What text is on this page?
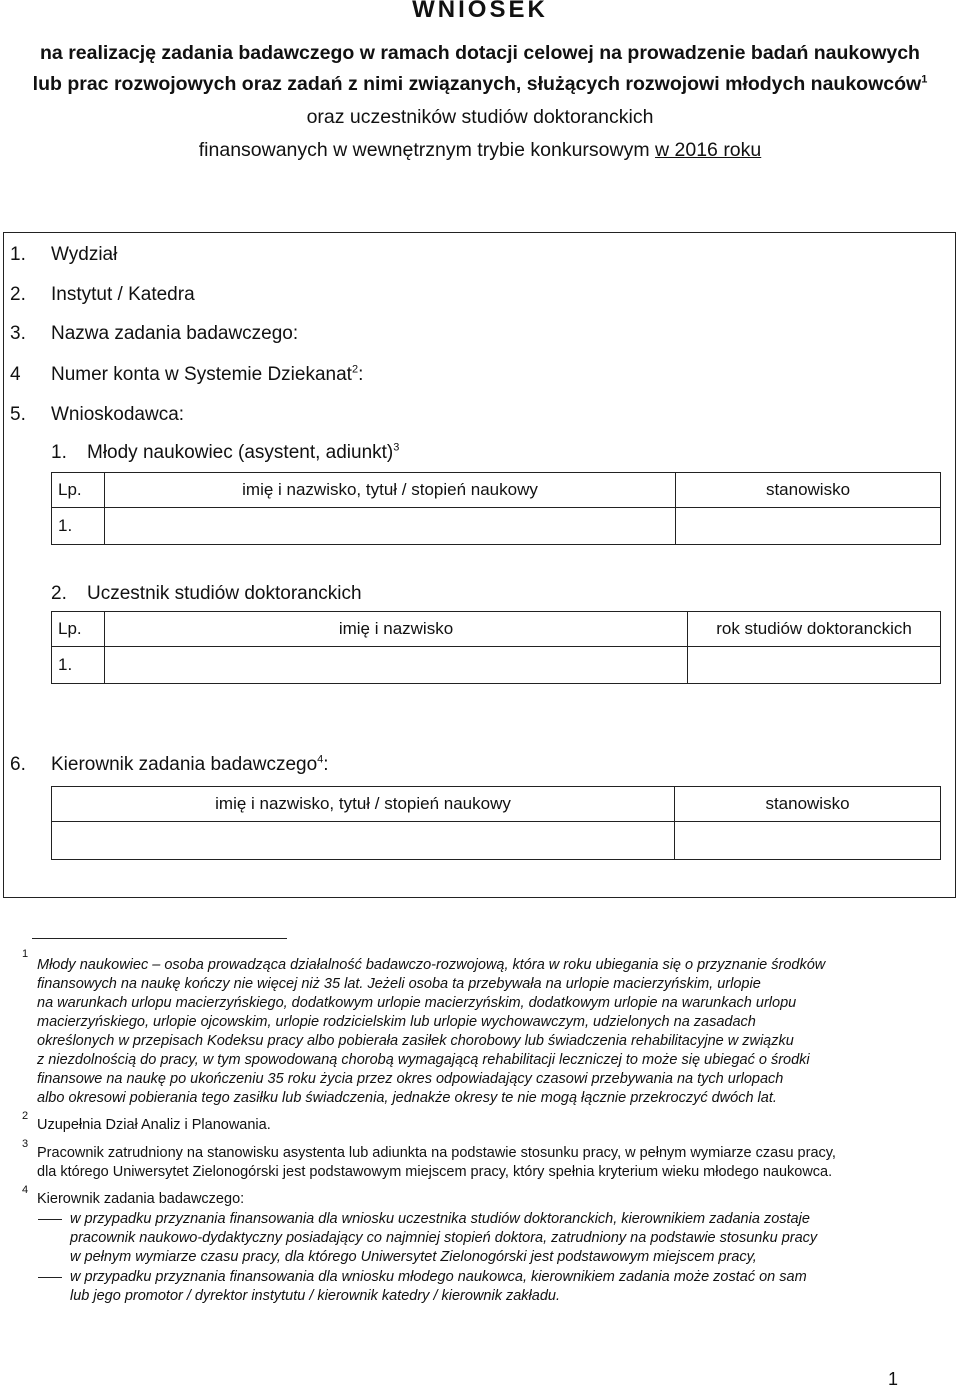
WNIOSEK
na realizację zadania badawczego w ramach dotacji celowej na prowadzenie badań naukowych
lub prac rozwojowych oraz zadań z nimi związanych, służących rozwojowi młodych naukowców$^1$
oraz uczestników studiów doktoranckich
finansowanych w wewnętrznym trybie konkursowym w 2016 roku
1. Wydział
2. Instytut / Katedra
3. Nazwa zadania badawczego:
4 Numer konta w Systemie Dziekanat$^2$:
5. Wnioskodawca:
1. Młody naukowiec (asystent, adiunkt)$^3$
Lp.	imię i nazwisko, tytuł / stopień naukowy	stanowisko
1.		
2. Uczestnik studiów doktoranckich
Lp.	imię i nazwisko	rok studiów doktoranckich
1.		
6. Kierownik zadania badawczego$^4$:
imię i nazwisko, tytuł / stopień naukowy	stanowisko

1
Młody naukowiec – osoba prowadząca działalność badawczo-rozwojową, która w roku ubiegania się o przyznanie środków
finansowych na naukę kończy nie więcej niż 35 lat. Jeżeli osoba ta przebywała na urlopie macierzyńskim, urlopie
na warunkach urlopu macierzyńskiego, dodatkowym urlopie macierzyńskim, dodatkowym urlopie na warunkach urlopu
macierzyńskiego, urlopie ojcowskim, urlopie rodzicielskim lub urlopie wychowawczym, udzielonych na zasadach
określonych w przepisach Kodeksu pracy albo pobierała zasiłek chorobowy lub świadczenia rehabilitacyjne w związku
z niezdolnością do pracy, w tym spowodowaną chorobą wymagającą rehabilitacji leczniczej to może się ubiegać o środki
finansowe na naukę po ukończeniu 35 roku życia przez okres odpowiadający czasowi przebywania na tych urlopach
albo okresowi pobierania tego zasiłku lub świadczenia, jednakże okresy te nie mogą łącznie przekroczyć dwóch lat.
2
Uzupełnia Dział Analiz i Planowania.
3
Pracownik zatrudniony na stanowisku asystenta lub adiunkta na podstawie stosunku pracy, w pełnym wymiarze czasu pracy,
dla którego Uniwersytet Zielonogórski jest podstawowym miejscem pracy, który spełnia kryterium wieku młodego naukowca.
4
Kierownik zadania badawczego:
w przypadku przyznania finansowania dla wniosku uczestnika studiów doktoranckich, kierownikiem zadania zostaje
pracownik naukowo-dydaktyczny posiadający co najmniej stopień doktora, zatrudniony na podstawie stosunku pracy
w pełnym wymiarze czasu pracy, dla którego Uniwersytet Zielonogórski jest podstawowym miejscem pracy,
w przypadku przyznania finansowania dla wniosku młodego naukowca, kierownikiem zadania może zostać on sam
lub jego promotor / dyrektor instytutu / kierownik katedry / kierownik zakładu.
1
